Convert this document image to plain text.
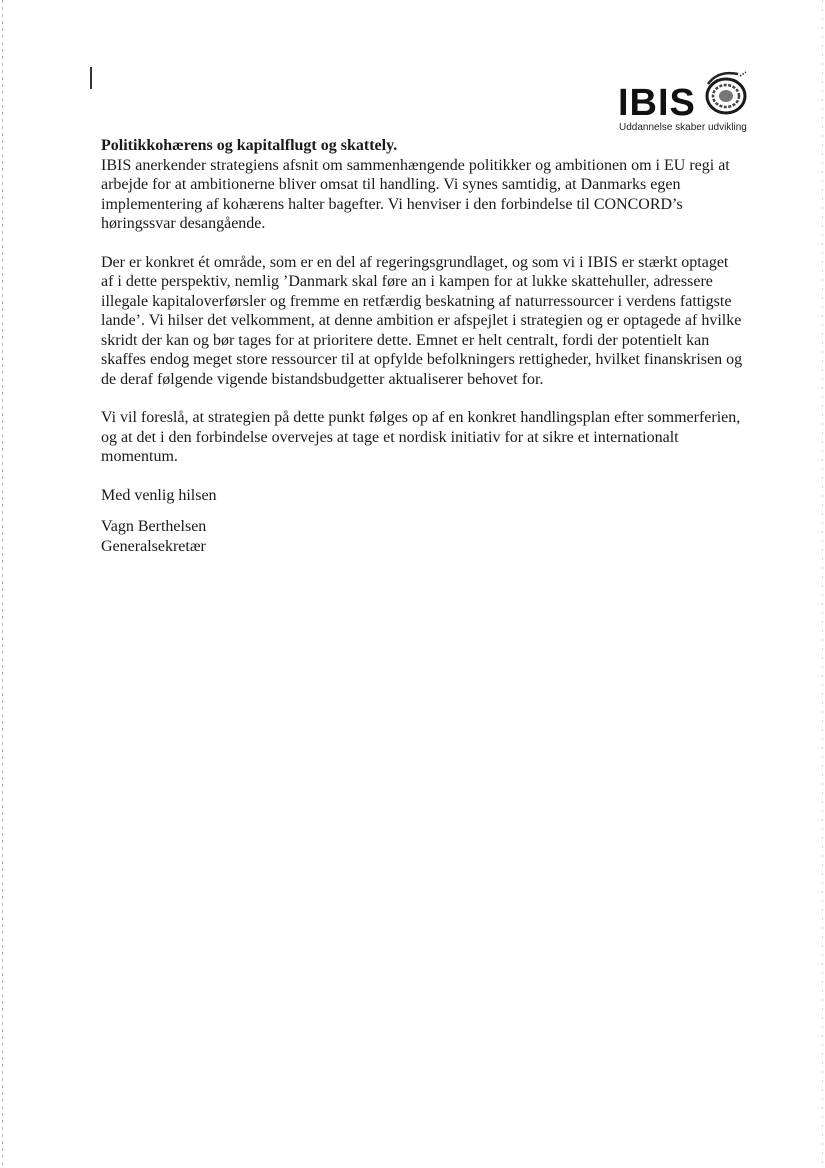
IBIS
Uddannelse skaber udvikling

Politikkohærens og kapitalflugt og skattely.

IBIS anerkender strategiens afsnit om sammenhængende politikker og ambitionen om i EU regi at
arbejde for at ambitionerne bliver omsat til handling. Vi synes samtidig, at Danmarks egen
implementering af kohærens halter bagefter. Vi henviser i den forbindelse til CONCORD’s
høringssvar desangående.

Der er konkret ét område, som er en del af regeringsgrundlaget, og som vi i IBIS er stærkt optaget
af i dette perspektiv, nemlig ’Danmark skal føre an i kampen for at lukke skattehuller, adressere
illegale kapitaloverførsler og fremme en retfærdig beskatning af naturressourcer i verdens fattigste
lande’. Vi hilser det velkomment, at denne ambition er afspejlet i strategien og er optagede af hvilke
skridt der kan og bør tages for at prioritere dette. Emnet er helt centralt, fordi der potentielt kan
skaffes endog meget store ressourcer til at opfylde befolkningers rettigheder, hvilket finanskrisen og
de deraf følgende vigende bistandsbudgetter aktualiserer behovet for.

Vi vil foreslå, at strategien på dette punkt følges op af en konkret handlingsplan efter sommerferien,
og at det i den forbindelse overvejes at tage et nordisk initiativ for at sikre et internationalt
momentum.

Med venlig hilsen

Vagn Berthelsen
Generalsekretær
